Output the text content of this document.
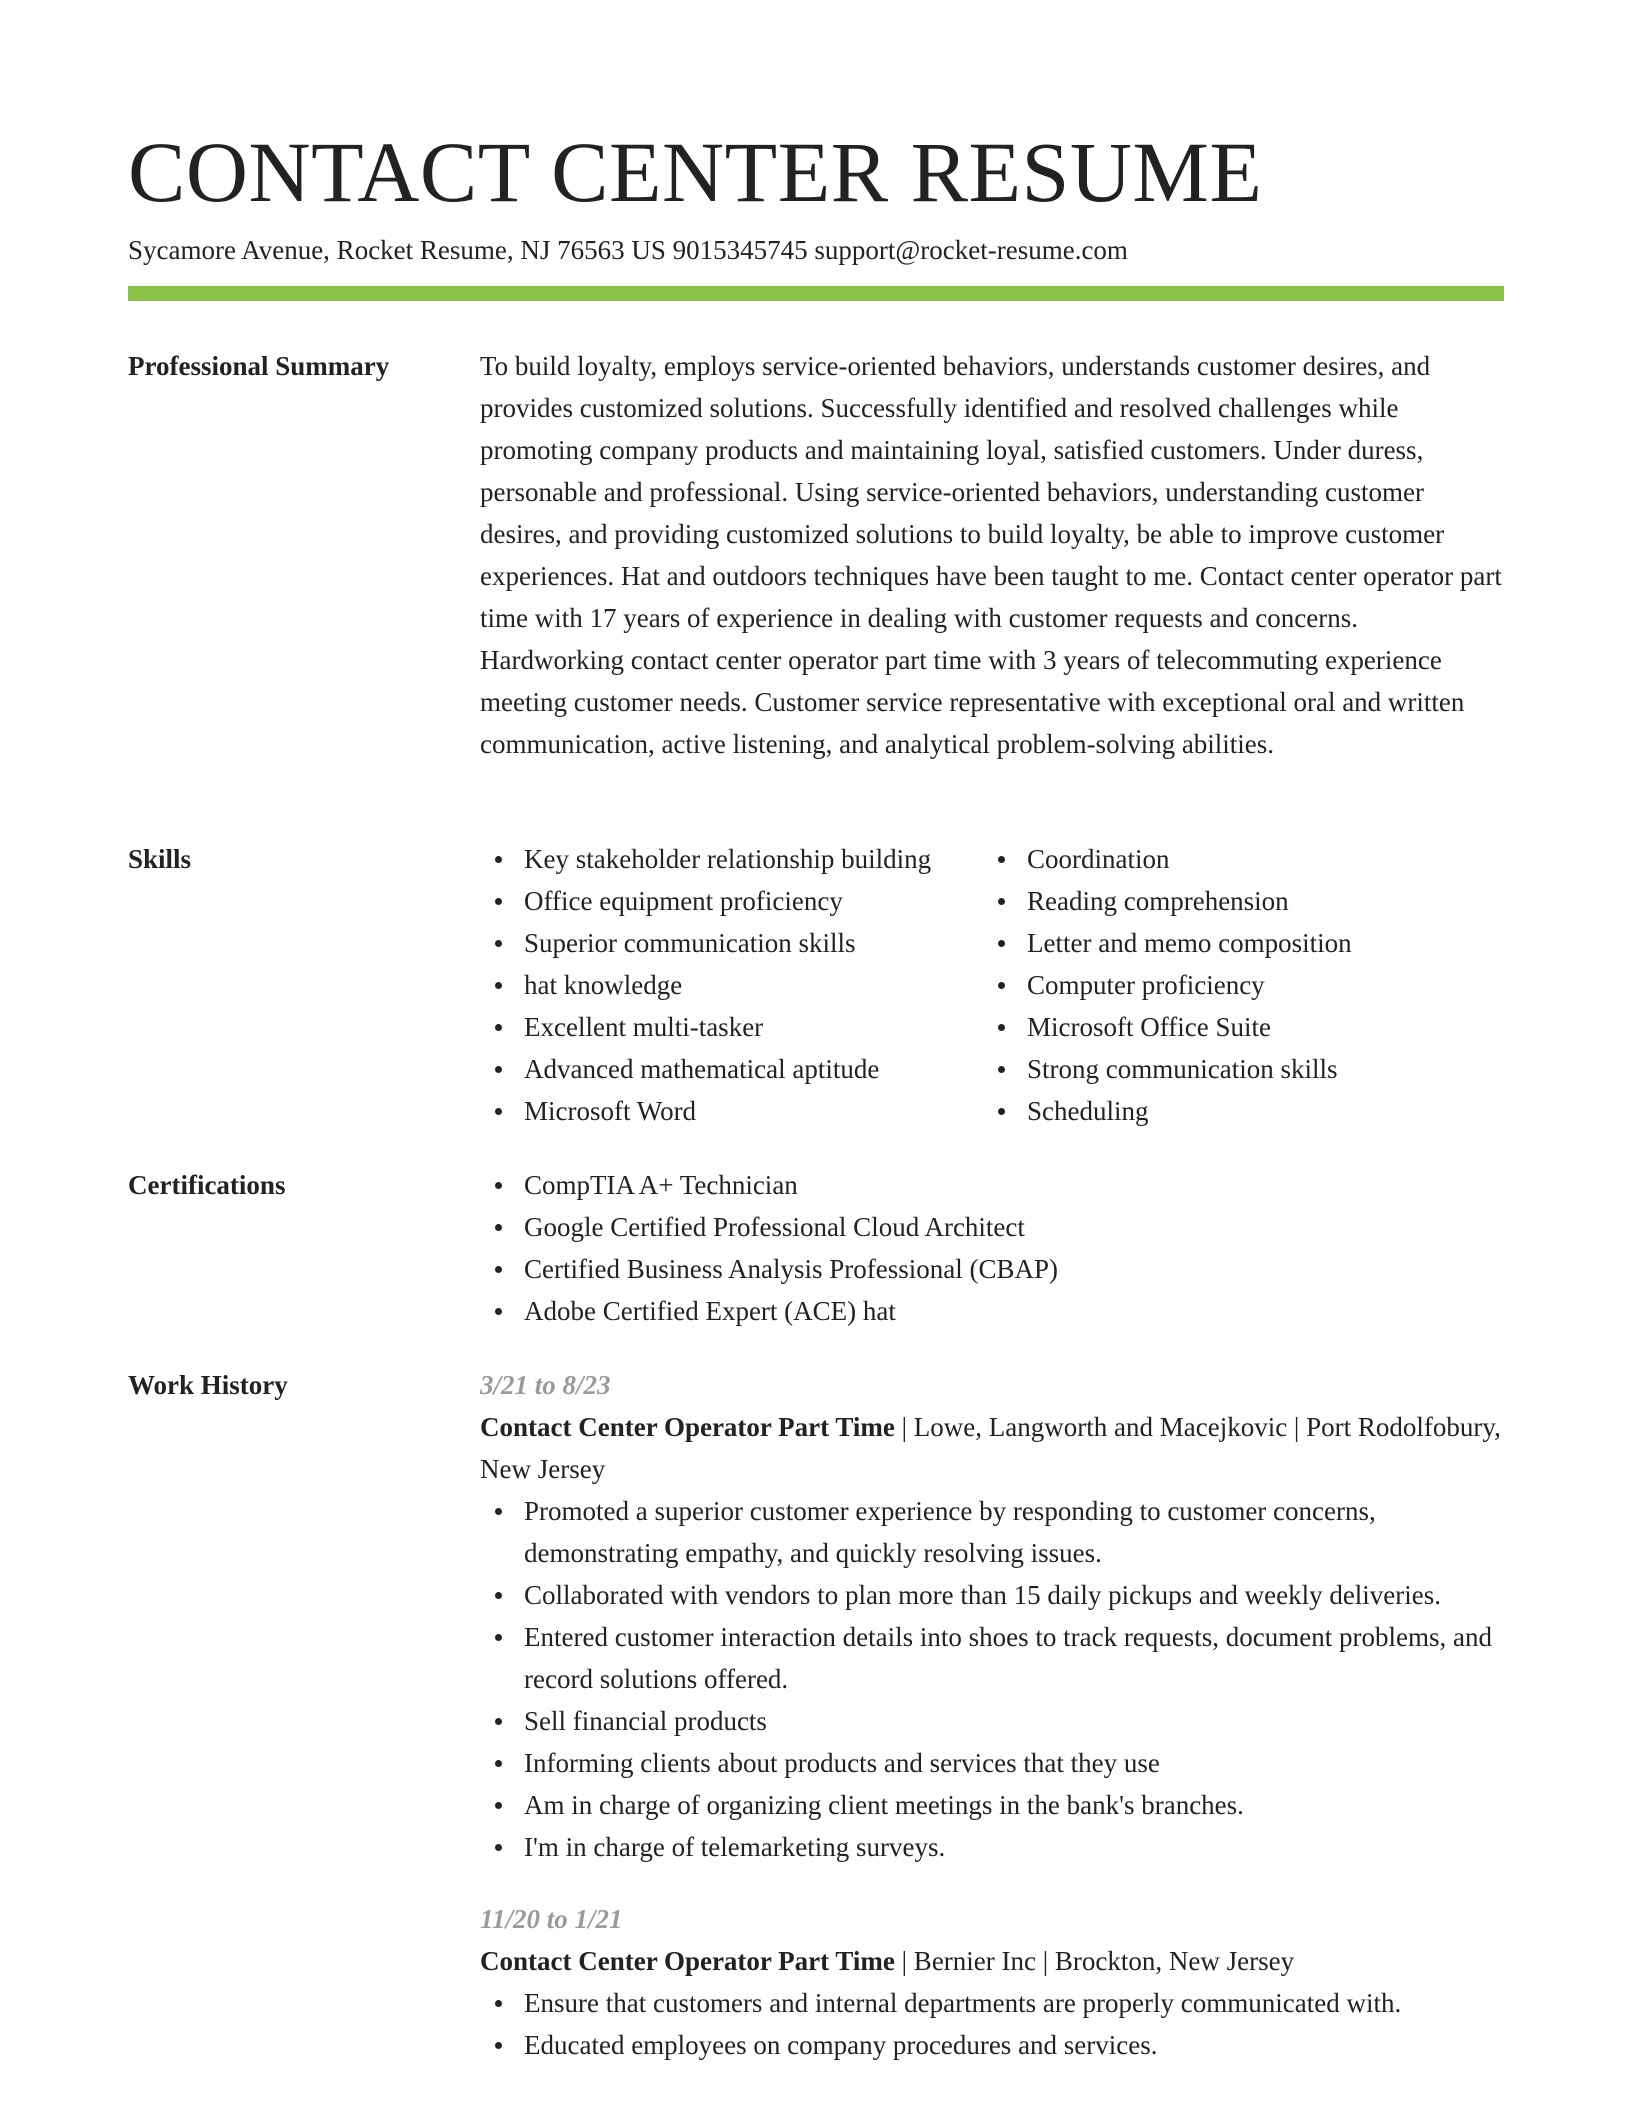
CONTACT CENTER RESUME
Sycamore Avenue, Rocket Resume, NJ 76563 US 9015345745 support@rocket-resume.com
Professional Summary	To build loyalty, employs service-oriented behaviors, understands customer desires, and provides customized solutions. Successfully identified and resolved challenges while promoting company products and maintaining loyal, satisfied customers. Under duress, personable and professional. Using service-oriented behaviors, understanding customer desires, and providing customized solutions to build loyalty, be able to improve customer experiences. Hat and outdoors techniques have been taught to me. Contact center operator part time with 17 years of experience in dealing with customer requests and concerns. Hardworking contact center operator part time with 3 years of telecommuting experience meeting customer needs. Customer service representative with exceptional oral and written communication, active listening, and analytical problem-solving abilities.

Skills	Key stakeholder relationship building
Office equipment proficiency
Superior communication skills
hat knowledge
Excellent multi-tasker
Advanced mathematical aptitude
Microsoft Word
Coordination
Reading comprehension
Letter and memo composition
Computer proficiency
Microsoft Office Suite
Strong communication skills
Scheduling
Certifications	CompTIA A+ Technician
Google Certified Professional Cloud Architect
Certified Business Analysis Professional (CBAP)
Adobe Certified Expert (ACE) hat
Work History	3/21 to 8/23
Contact Center Operator Part Time | Lowe, Langworth and Macejkovic | Port Rodolfobury, New Jersey
Promoted a superior customer experience by responding to customer concerns, demonstrating empathy, and quickly resolving issues.
Collaborated with vendors to plan more than 15 daily pickups and weekly deliveries.
Entered customer interaction details into shoes to track requests, document problems, and record solutions offered.
Sell financial products
Informing clients about products and services that they use
Am in charge of organizing client meetings in the bank's branches.
I'm in charge of telemarketing surveys.
11/20 to 1/21
Contact Center Operator Part Time | Bernier Inc | Brockton, New Jersey
Ensure that customers and internal departments are properly communicated with.
Educated employees on company procedures and services.
